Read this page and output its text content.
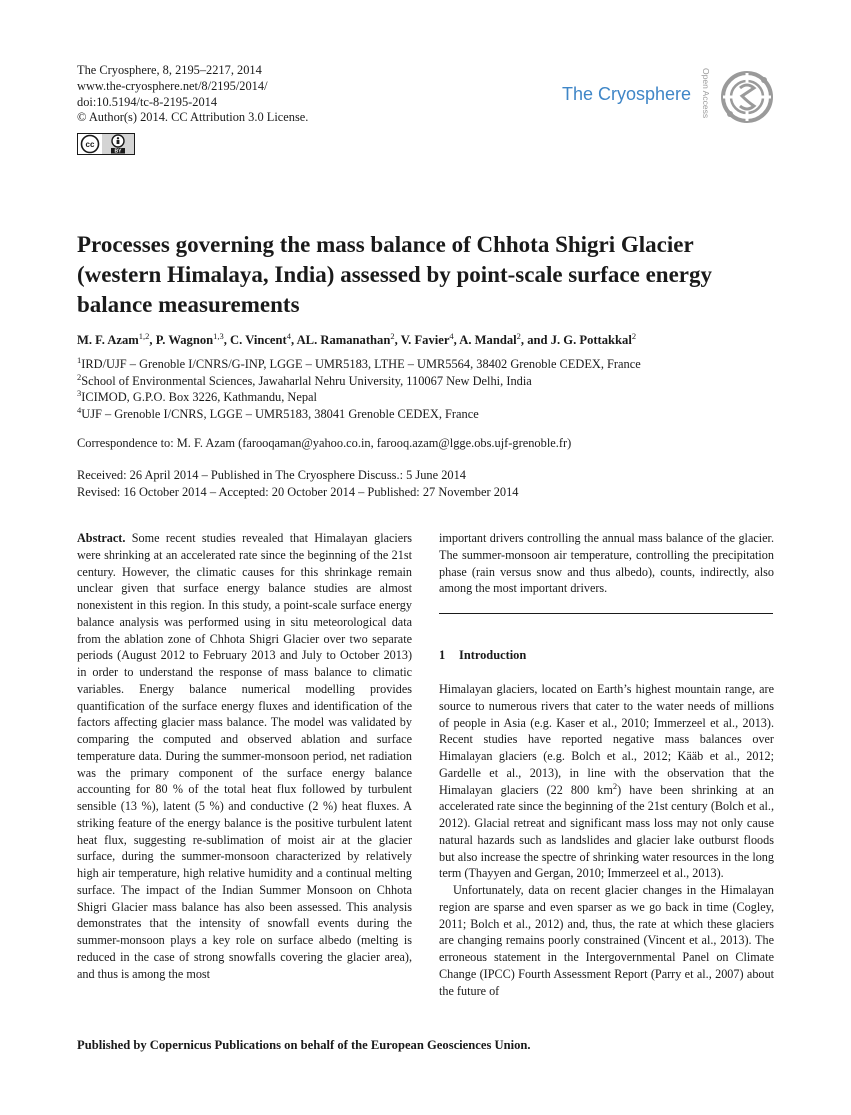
The Cryosphere, 8, 2195–2217, 2014
www.the-cryosphere.net/8/2195/2014/
doi:10.5194/tc-8-2195-2014
© Author(s) 2014. CC Attribution 3.0 License.
cc
BY
The Cryosphere Open Access
Processes governing the mass balance of Chhota Shigri Glacier (western Himalaya, India) assessed by point-scale surface energy balance measurements
M. F. Azam$^{1,2}$, P. Wagnon$^{1,3}$, C. Vincent$^4$, AL. Ramanathan$^2$, V. Favier$^4$, A. Mandal$^2$, and J. G. Pottakkal$^2$
$^1$IRD/UJF – Grenoble I/CNRS/G-INP, LGGE – UMR5183, LTHE – UMR5564, 38402 Grenoble CEDEX, France
$^2$School of Environmental Sciences, Jawaharlal Nehru University, 110067 New Delhi, India
$^3$ICIMOD, G.P.O. Box 3226, Kathmandu, Nepal
$^4$UJF – Grenoble I/CNRS, LGGE – UMR5183, 38041 Grenoble CEDEX, France
Correspondence to: M. F. Azam (farooqaman@yahoo.co.in, farooq.azam@lgge.obs.ujf-grenoble.fr)
Received: 26 April 2014 – Published in The Cryosphere Discuss.: 5 June 2014
Revised: 16 October 2014 – Accepted: 20 October 2014 – Published: 27 November 2014
Abstract. Some recent studies revealed that Himalayan glaciers were shrinking at an accelerated rate since the beginning of the 21st century. However, the climatic causes for this shrinkage remain unclear given that surface energy balance studies are almost nonexistent in this region. In this study, a point-scale surface energy balance analysis was performed using in situ meteorological data from the ablation zone of Chhota Shigri Glacier over two separate periods (August 2012 to February 2013 and July to October 2013) in order to understand the response of mass balance to climatic variables. Energy balance numerical modelling provides quantification of the surface energy fluxes and identification of the factors affecting glacier mass balance. The model was validated by comparing the computed and observed ablation and surface temperature data. During the summer-monsoon period, net radiation was the primary component of the surface energy balance accounting for 80 % of the total heat flux followed by turbulent sensible (13 %), latent (5 %) and conductive (2 %) heat fluxes. A striking feature of the energy balance is the positive turbulent latent heat flux, suggesting re-sublimation of moist air at the glacier surface, during the summer-monsoon characterized by relatively high air temperature, high relative humidity and a continual melting surface. The impact of the Indian Summer Monsoon on Chhota Shigri Glacier mass balance has also been assessed. This analysis demonstrates that the intensity of snowfall events during the summer-monsoon plays a key role on surface albedo (melting is reduced in the case of strong snowfalls covering the glacier area), and thus is among the most
important drivers controlling the annual mass balance of the glacier. The summer-monsoon air temperature, controlling the precipitation phase (rain versus snow and thus albedo), counts, indirectly, also among the most important drivers.
1 Introduction

Himalayan glaciers, located on Earth’s highest mountain range, are source to numerous rivers that cater to the water needs of millions of people in Asia (e.g. Kaser et al., 2010; Immerzeel et al., 2013). Recent studies have reported negative mass balances over Himalayan glaciers (e.g. Bolch et al., 2012; Kääb et al., 2012; Gardelle et al., 2013), in line with the observation that the Himalayan glaciers (22 800 $km^2$) have been shrinking at an accelerated rate since the beginning of the 21st century (Bolch et al., 2012). Glacial retreat and significant mass loss may not only cause natural hazards such as landslides and glacier lake outburst floods but also increase the spectre of shrinking water resources in the long term (Thayyen and Gergan, 2010; Immerzeel et al., 2013).

Unfortunately, data on recent glacier changes in the Himalayan region are sparse and even sparser as we go back in time (Cogley, 2011; Bolch et al., 2012) and, thus, the rate at which these glaciers are changing remains poorly constrained (Vincent et al., 2013). The erroneous statement in the Intergovernmental Panel on Climate Change (IPCC) Fourth Assessment Report (Parry et al., 2007) about the future of

Published by Copernicus Publications on behalf of the European Geosciences Union.
